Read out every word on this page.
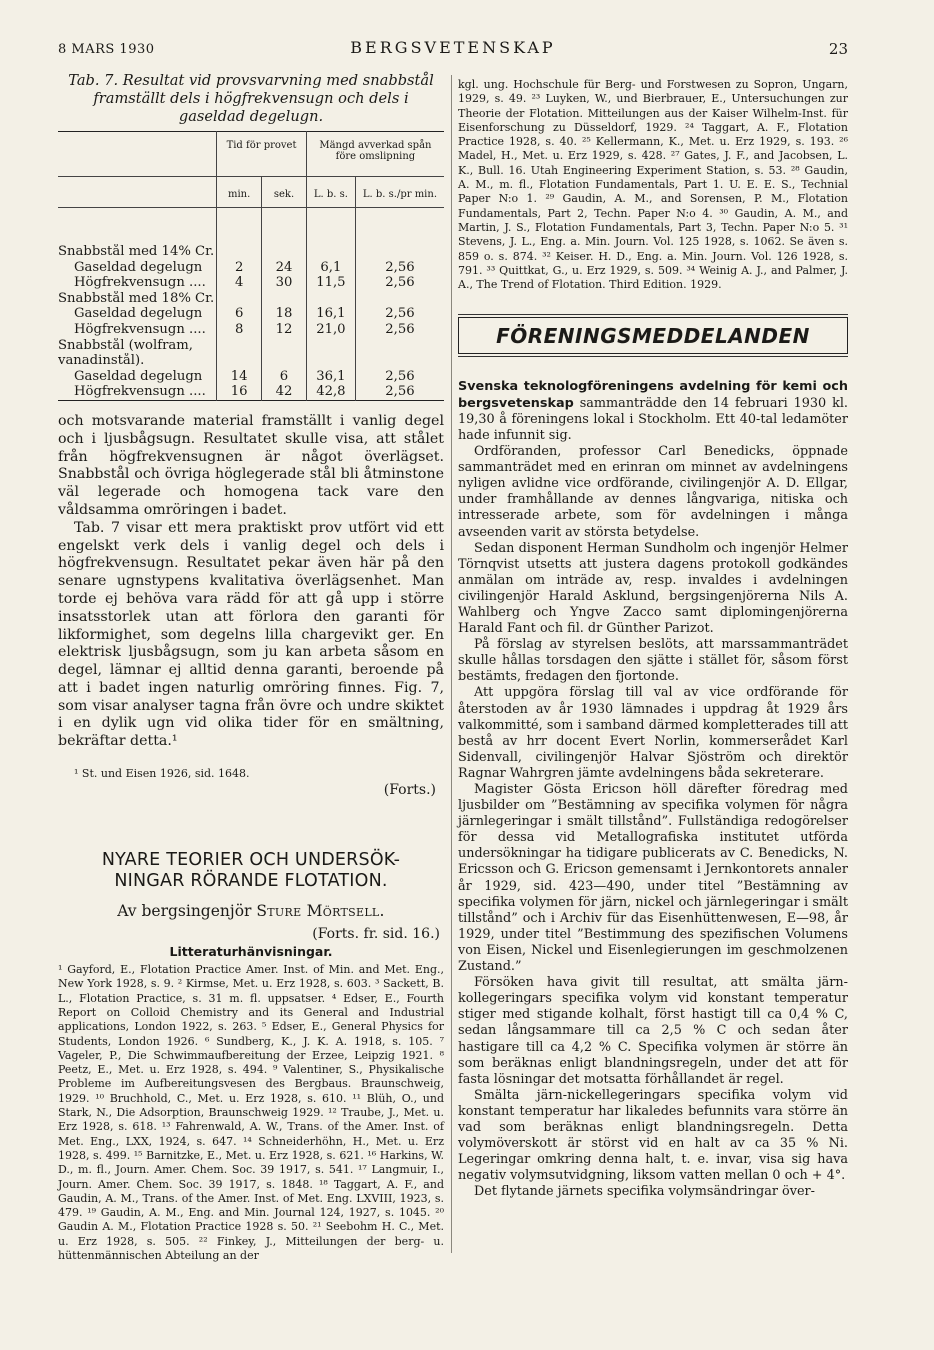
8 MARS 1930	BERGSVETENSKAP	23
Tab. 7. Resultat vid provsvarvning med snabbstål framställt dels i högfrekvensugn och dels i gaseldad degelugn.
	Tid för provet		Mängd avverkad spån före omslipning	
	min.	sek.	L. b. s.	L. b. s./pr min.

Snabbstål med 14% Cr.				
Gaseldad degelugn	2	24	6,1	2,56
Högfrekvensugn ....	4	30	11,5	2,56
Snabbstål med 18% Cr.				
Gaseldad degelugn	6	18	16,1	2,56
Högfrekvensugn ....	8	12	21,0	2,56
Snabbstål (wolfram,				
vanadinstål).				
Gaseldad degelugn	14	6	36,1	2,56
Högfrekvensugn ....	16	42	42,8	2,56

och motsvarande material framställt i vanlig degel och i ljusbågsugn. Resultatet skulle visa, att stålet från högfrekvensugnen är något överlägset. Snabbstål och övriga höglegerade stål bli åtminstone väl legerade och homogena tack vare den våldsamma omröringen i badet.

Tab. 7 visar ett mera praktiskt prov utfört vid ett engelskt verk dels i vanlig degel och dels i högfrekvensugn. Resultatet pekar även här på den senare ugnstypens kvalitativa överlägsenhet. Man torde ej behöva vara rädd för att gå upp i större insatsstorlek utan att förlora den garanti för likformighet, som degelns lilla chargevikt ger. En elektrisk ljusbågsugn, som ju kan arbeta såsom en degel, lämnar ej alltid denna garanti, beroende på att i badet ingen naturlig omröring finnes. Fig. 7, som visar analyser tagna från övre och undre skiktet i en dylik ugn vid olika tider för en smältning, bekräftar detta.¹

¹ St. und Eisen 1926, sid. 1648.
(Forts.)
NYARE TEORIER OCH UNDERSÖK-
NINGAR RÖRANDE FLOTATION.
Av bergsingenjör Sture Mörtsell.
(Forts. fr. sid. 16.)
Litteraturhänvisningar.

¹ Gayford, E., Flotation Practice Amer. Inst. of Min. and Met. Eng., New York 1928, s. 9. ² Kirmse, Met. u. Erz 1928, s. 603. ³ Sackett, B. L., Flotation Practice, s. 31 m. fl. uppsatser. ⁴ Edser, E., Fourth Report on Colloid Chemistry and its General and Industrial applications, London 1922, s. 263. ⁵ Edser, E., General Physics for Students, London 1926. ⁶ Sundberg, K., J. K. A. 1918, s. 105. ⁷ Vageler, P., Die Schwimmaufbereitung der Erzee, Leipzig 1921. ⁸ Peetz, E., Met. u. Erz 1928, s. 494. ⁹ Valentiner, S., Physikalische Probleme im Aufbereitungsvesen des Bergbaus. Braunschweig, 1929. ¹⁰ Bruchhold, C., Met. u. Erz 1928, s. 610. ¹¹ Blüh, O., und Stark, N., Die Adsorption, Braunschweig 1929. ¹² Traube, J., Met. u. Erz 1928, s. 618. ¹³ Fahrenwald, A. W., Trans. of the Amer. Inst. of Met. Eng., LXX, 1924, s. 647. ¹⁴ Schneiderhöhn, H., Met. u. Erz 1928, s. 499. ¹⁵ Barnitzke, E., Met. u. Erz 1928, s. 621. ¹⁶ Harkins, W. D., m. fl., Journ. Amer. Chem. Soc. 39 1917, s. 541. ¹⁷ Langmuir, I., Journ. Amer. Chem. Soc. 39 1917, s. 1848. ¹⁸ Taggart, A. F., and Gaudin, A. M., Trans. of the Amer. Inst. of Met. Eng. LXVIII, 1923, s. 479. ¹⁹ Gaudin, A. M., Eng. and Min. Journal 124, 1927, s. 1045. ²⁰ Gaudin A. M., Flotation Practice 1928 s. 50. ²¹ Seebohm H. C., Met. u. Erz 1928, s. 505. ²² Finkey, J., Mitteilungen der berg- u. hüttenmännischen Abteilung an der

kgl. ung. Hochschule für Berg- und Forstwesen zu Sopron, Ungarn, 1929, s. 49. ²³ Luyken, W., und Bierbrauer, E., Untersuchungen zur Theorie der Flotation. Mitteilungen aus der Kaiser Wilhelm-Inst. für Eisenforschung zu Düsseldorf, 1929. ²⁴ Taggart, A. F., Flotation Practice 1928, s. 40. ²⁵ Kellermann, K., Met. u. Erz 1929, s. 193. ²⁶ Madel, H., Met. u. Erz 1929, s. 428. ²⁷ Gates, J. F., and Jacobsen, L. K., Bull. 16. Utah Engineering Experiment Station, s. 53. ²⁸ Gaudin, A. M., m. fl., Flotation Fundamentals, Part 1. U. E. E. S., Technial Paper N:o 1. ²⁹ Gaudin, A. M., and Sorensen, P. M., Flotation Fundamentals, Part 2, Techn. Paper N:o 4. ³⁰ Gaudin, A. M., and Martin, J. S., Flotation Fundamentals, Part 3, Techn. Paper N:o 5. ³¹ Stevens, J. L., Eng. a. Min. Journ. Vol. 125 1928, s. 1062. Se även s. 859 o. s. 874. ³² Keiser. H. D., Eng. a. Min. Journ. Vol. 126 1928, s. 791. ³³ Quittkat, G., u. Erz 1929, s. 509. ³⁴ Weinig A. J., and Palmer, J. A., The Trend of Flotation. Third Edition. 1929.

FÖRENINGSMEDDELANDEN

Svenska teknologföreningens avdelning för kemi och bergsvetenskap sammanträdde den 14 februari 1930 kl. 19,30 å föreningens lokal i Stockholm. Ett 40-tal ledamöter hade infunnit sig.

Ordföranden, professor Carl Benedicks, öppnade sammanträdet med en erinran om minnet av avdelningens nyligen avlidne vice ordförande, civilingenjör A. D. Ellgar, under framhållande av dennes långvariga, nitiska och intresserade arbete, som för avdelningen i många avseenden varit av största betydelse.

Sedan disponent Herman Sundholm och ingenjör Helmer Törnqvist utsetts att justera dagens protokoll godkändes anmälan om inträde av, resp. invaldes i avdelningen civilingenjör Harald Asklund, bergsingenjörerna Nils A. Wahlberg och Yngve Zacco samt diplomingenjörerna Harald Fant och fil. dr Günther Parizot.

På förslag av styrelsen beslöts, att marssammanträdet skulle hållas torsdagen den sjätte i stället för, såsom först bestämts, fredagen den fjortonde.

Att uppgöra förslag till val av vice ordförande för återstoden av år 1930 lämnades i uppdrag åt 1929 års valkommitté, som i samband därmed kompletterades till att bestå av hrr docent Evert Norlin, kommerserådet Karl Sidenvall, civilingenjör Halvar Sjöström och direktör Ragnar Wahrgren jämte avdelningens båda sekreterare.

Magister Gösta Ericson höll därefter föredrag med ljusbilder om ”Bestämning av specifika volymen för några järnlegeringar i smält tillstånd”. Fullständiga redogörelser för dessa vid Metallografiska institutet utförda undersökningar ha tidigare publicerats av C. Benedicks, N. Ericsson och G. Ericson gemensamt i Jernkontorets annaler år 1929, sid. 423—490, under titel ”Bestämning av specifika volymen för järn, nickel och järnlegeringar i smält tillstånd” och i Archiv für das Eisenhüttenwesen, E—98, år 1929, under titel ”Bestimmung des spezifischen Volumens von Eisen, Nickel und Eisenlegierungen im geschmolzenen Zustand.”

Försöken hava givit till resultat, att smälta järn-kollegeringars specifika volym vid konstant temperatur stiger med stigande kolhalt, först hastigt till ca 0,4 % C, sedan långsammare till ca 2,5 % C och sedan åter hastigare till ca 4,2 % C. Specifika volymen är större än som beräknas enligt blandningsregeln, under det att för fasta lösningar det motsatta förhållandet är regel.

Smälta järn-nickellegeringars specifika volym vid konstant temperatur har likaledes befunnits vara större än vad som beräknas enligt blandningsregeln. Detta volymöverskott är störst vid en halt av ca 35 % Ni. Legeringar omkring denna halt, t. e. invar, visa sig hava negativ volymsutvidgning, liksom vatten mellan 0 och + 4°.

Det flytande järnets specifika volymsändringar över-
